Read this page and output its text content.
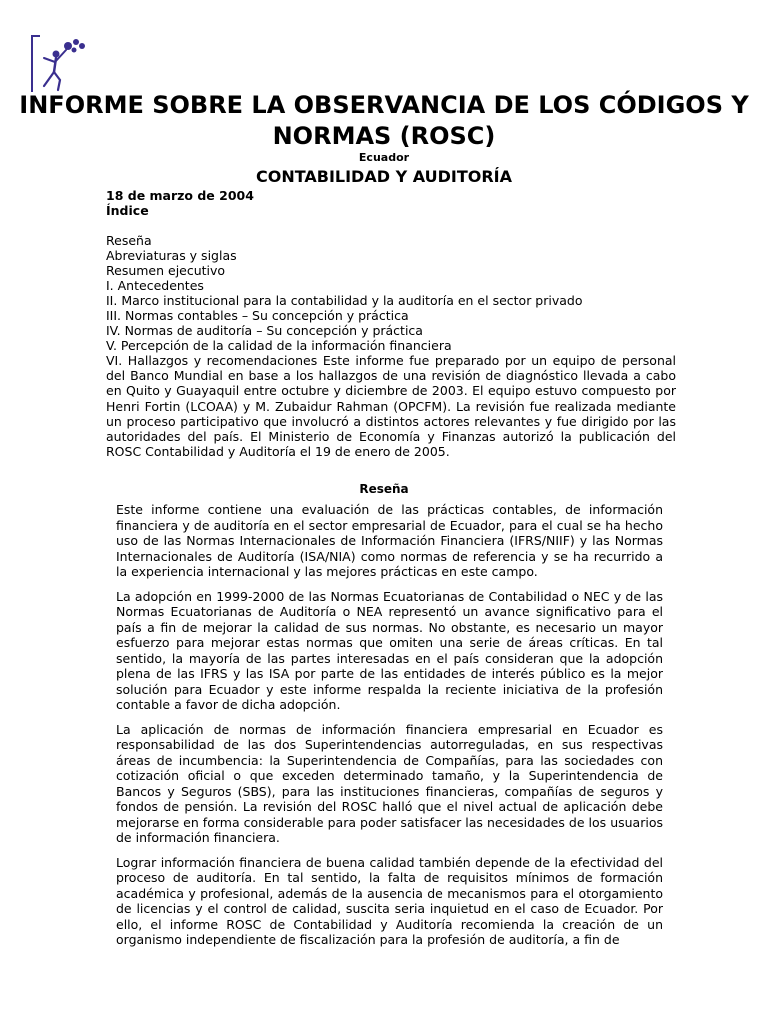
INFORME SOBRE LA OBSERVANCIA DE LOS CÓDIGOS Y NORMAS (ROSC)
Ecuador
CONTABILIDAD Y AUDITORÍA
18 de marzo de 2004
Índice
Reseña
Abreviaturas y siglas
Resumen ejecutivo
I. Antecedentes
II. Marco institucional para la contabilidad y la auditoría en el sector privado
III. Normas contables – Su concepción y práctica
IV. Normas de auditoría – Su concepción y práctica
V. Percepción de la calidad de la información financiera

VI. Hallazgos y recomendaciones Este informe fue preparado por un equipo de personal del Banco Mundial en base a los hallazgos de una revisión de diagnóstico llevada a cabo en Quito y Guayaquil entre octubre y diciembre de 2003. El equipo estuvo compuesto por Henri Fortin (LCOAA) y M. Zubaidur Rahman (OPCFM). La revisión fue realizada mediante un proceso participativo que involucró a distintos actores relevantes y fue dirigido por las autoridades del país. El Ministerio de Economía y Finanzas autorizó la publicación del ROSC Contabilidad y Auditoría el 19 de enero de 2005.

Reseña

Este informe contiene una evaluación de las prácticas contables, de información financiera y de auditoría en el sector empresarial de Ecuador, para el cual se ha hecho uso de las Normas Internacionales de Información Financiera (IFRS/NIIF) y las Normas Internacionales de Auditoría (ISA/NIA) como normas de referencia y se ha recurrido a la experiencia internacional y las mejores prácticas en este campo.

La adopción en 1999-2000 de las Normas Ecuatorianas de Contabilidad o NEC y de las Normas Ecuatorianas de Auditoría o NEA representó un avance significativo para el país a fin de mejorar la calidad de sus normas. No obstante, es necesario un mayor esfuerzo para mejorar estas normas que omiten una serie de áreas críticas. En tal sentido, la mayoría de las partes interesadas en el país consideran que la adopción plena de las IFRS y las ISA por parte de las entidades de interés público es la mejor solución para Ecuador y este informe respalda la reciente iniciativa de la profesión contable a favor de dicha adopción.

La aplicación de normas de información financiera empresarial en Ecuador es responsabilidad de las dos Superintendencias autorreguladas, en sus respectivas áreas de incumbencia: la Superintendencia de Compañías, para las sociedades con cotización oficial o que exceden determinado tamaño, y la Superintendencia de Bancos y Seguros (SBS), para las instituciones financieras, compañías de seguros y fondos de pensión. La revisión del ROSC halló que el nivel actual de aplicación debe mejorarse en forma considerable para poder satisfacer las necesidades de los usuarios de información financiera.

Lograr información financiera de buena calidad también depende de la efectividad del proceso de auditoría. En tal sentido, la falta de requisitos mínimos de formación académica y profesional, además de la ausencia de mecanismos para el otorgamiento de licencias y el control de calidad, suscita seria inquietud en el caso de Ecuador. Por ello, el informe ROSC de Contabilidad y Auditoría recomienda la creación de un organismo independiente de fiscalización para la profesión de auditoría, a fin de
